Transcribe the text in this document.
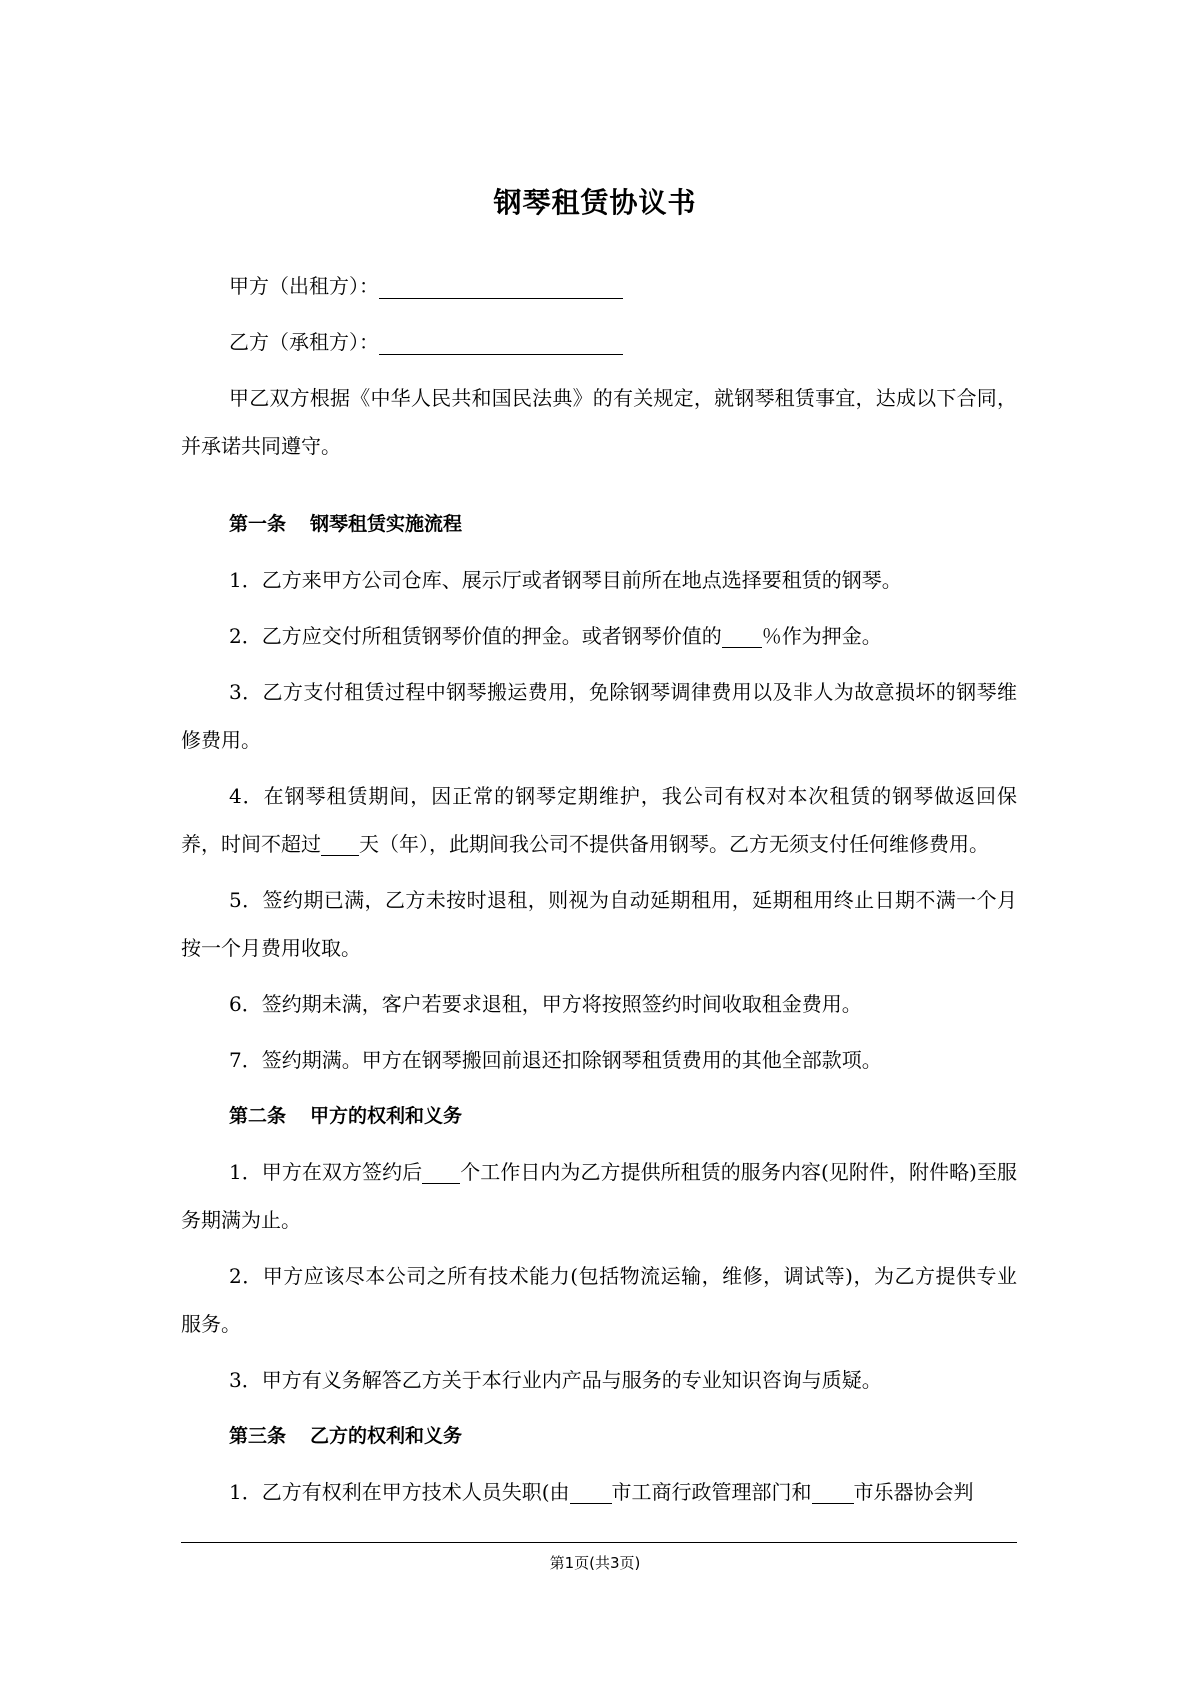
钢琴租赁协议书

甲方（出租方）：

乙方（承租方）：

甲乙双方根据《中华人民共和国民法典》的有关规定，就钢琴租赁事宜，达成以下合同，并承诺共同遵守。

第一条 钢琴租赁实施流程

1．乙方来甲方公司仓库、展示厅或者钢琴目前所在地点选择要租赁的钢琴。

2．乙方应交付所租赁钢琴价值的押金。或者钢琴价值的 ％作为押金。

3．乙方支付租赁过程中钢琴搬运费用，免除钢琴调律费用以及非人为故意损坏的钢琴维修费用。

4．在钢琴租赁期间，因正常的钢琴定期维护，我公司有权对本次租赁的钢琴做返回保养，时间不超过 天（年），此期间我公司不提供备用钢琴。乙方无须支付任何维修费用。

5．签约期已满，乙方未按时退租，则视为自动延期租用，延期租用终止日期不满一个月按一个月费用收取。

6．签约期未满，客户若要求退租，甲方将按照签约时间收取租金费用。

7．签约期满。甲方在钢琴搬回前退还扣除钢琴租赁费用的其他全部款项。

第二条 甲方的权利和义务

1．甲方在双方签约后 个工作日内为乙方提供所租赁的服务内容(见附件，附件略)至服务期满为止。

2．甲方应该尽本公司之所有技术能力(包括物流运输，维修，调试等)，为乙方提供专业服务。

3．甲方有义务解答乙方关于本行业内产品与服务的专业知识咨询与质疑。

第三条 乙方的权利和义务

1．乙方有权利在甲方技术人员失职(由 市工商行政管理部门和 市乐器协会判

第1页(共3页)
